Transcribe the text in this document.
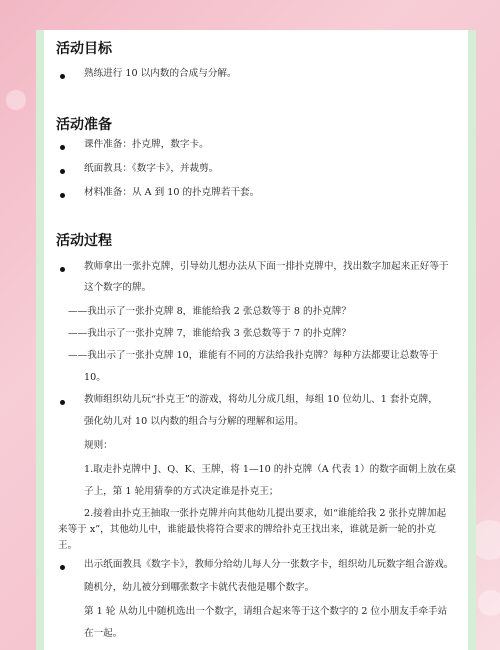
活动目标
熟练进行 10 以内数的合成与分解。
活动准备
课件准备：扑克牌，数字卡。
纸面教具：《数字卡》，并裁剪。
材料准备：从 A 到 10 的扑克牌若干套。
活动过程
教师拿出一张扑克牌，引导幼儿想办法从下面一排扑克牌中，找出数字加起来正好等于
这个数字的牌。
——我出示了一张扑克牌 8，谁能给我 2 张总数等于 8 的扑克牌？
——我出示了一张扑克牌 7，谁能给我 3 张总数等于 7 的扑克牌？
——我出示了一张扑克牌 10，谁能有不同的方法给我扑克牌？每种方法都要让总数等于
10。
教师组织幼儿玩“扑克王”的游戏，将幼儿分成几组，每组 10 位幼儿、1 套扑克牌，
强化幼儿对 10 以内数的组合与分解的理解和运用。
规则：
1.取走扑克牌中 J、Q、K、王牌，将 1—10 的扑克牌（A 代表 1）的数字面朝上放在桌
子上，第 1 轮用猜拳的方式决定谁是扑克王；
2.接着由扑克王抽取一张扑克牌并向其他幼儿提出要求，如“谁能给我 2 张扑克牌加起
来等于 x”，其他幼儿中，谁能最快将符合要求的牌给扑克王找出来，谁就是新一轮的扑克
王。
出示纸面教具《数字卡》，教师分给幼儿每人分一张数字卡，组织幼儿玩数字组合游戏。
随机分，幼儿被分到哪张数字卡就代表他是哪个数字。
第 1 轮 从幼儿中随机选出一个数字，请组合起来等于这个数字的 2 位小朋友手牵手站
在一起。
